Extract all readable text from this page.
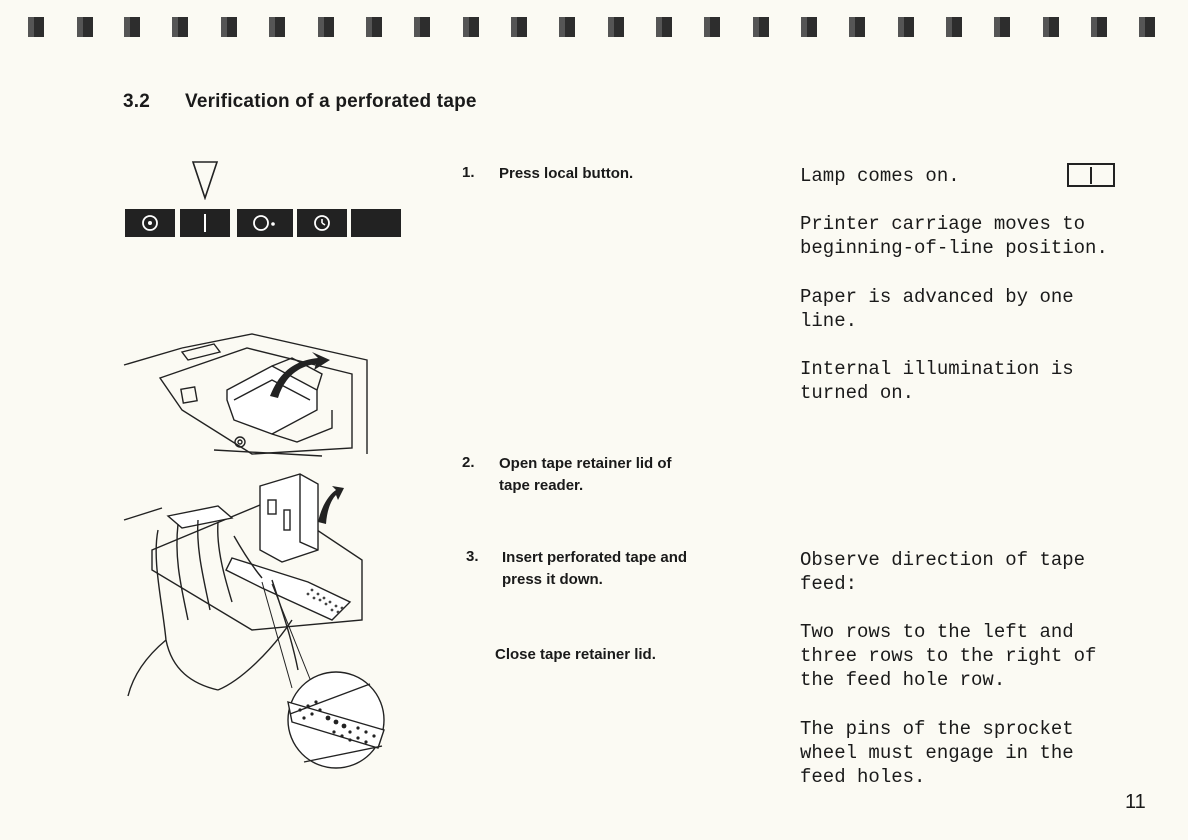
3.2 Verification of a perforated tape
1. Press local button.
2. Open tape retainer lid of tape reader.
3. Insert perforated tape and press it down.
Close tape retainer lid.
Lamp comes on.
Printer carriage moves to beginning-of-line position.
Paper is advanced by one line.
Internal illumination is turned on.
Observe direction of tape feed:
Two rows to the left and three rows to the right of the feed hole row.
The pins of the sprocket wheel must engage in the feed holes.
11
